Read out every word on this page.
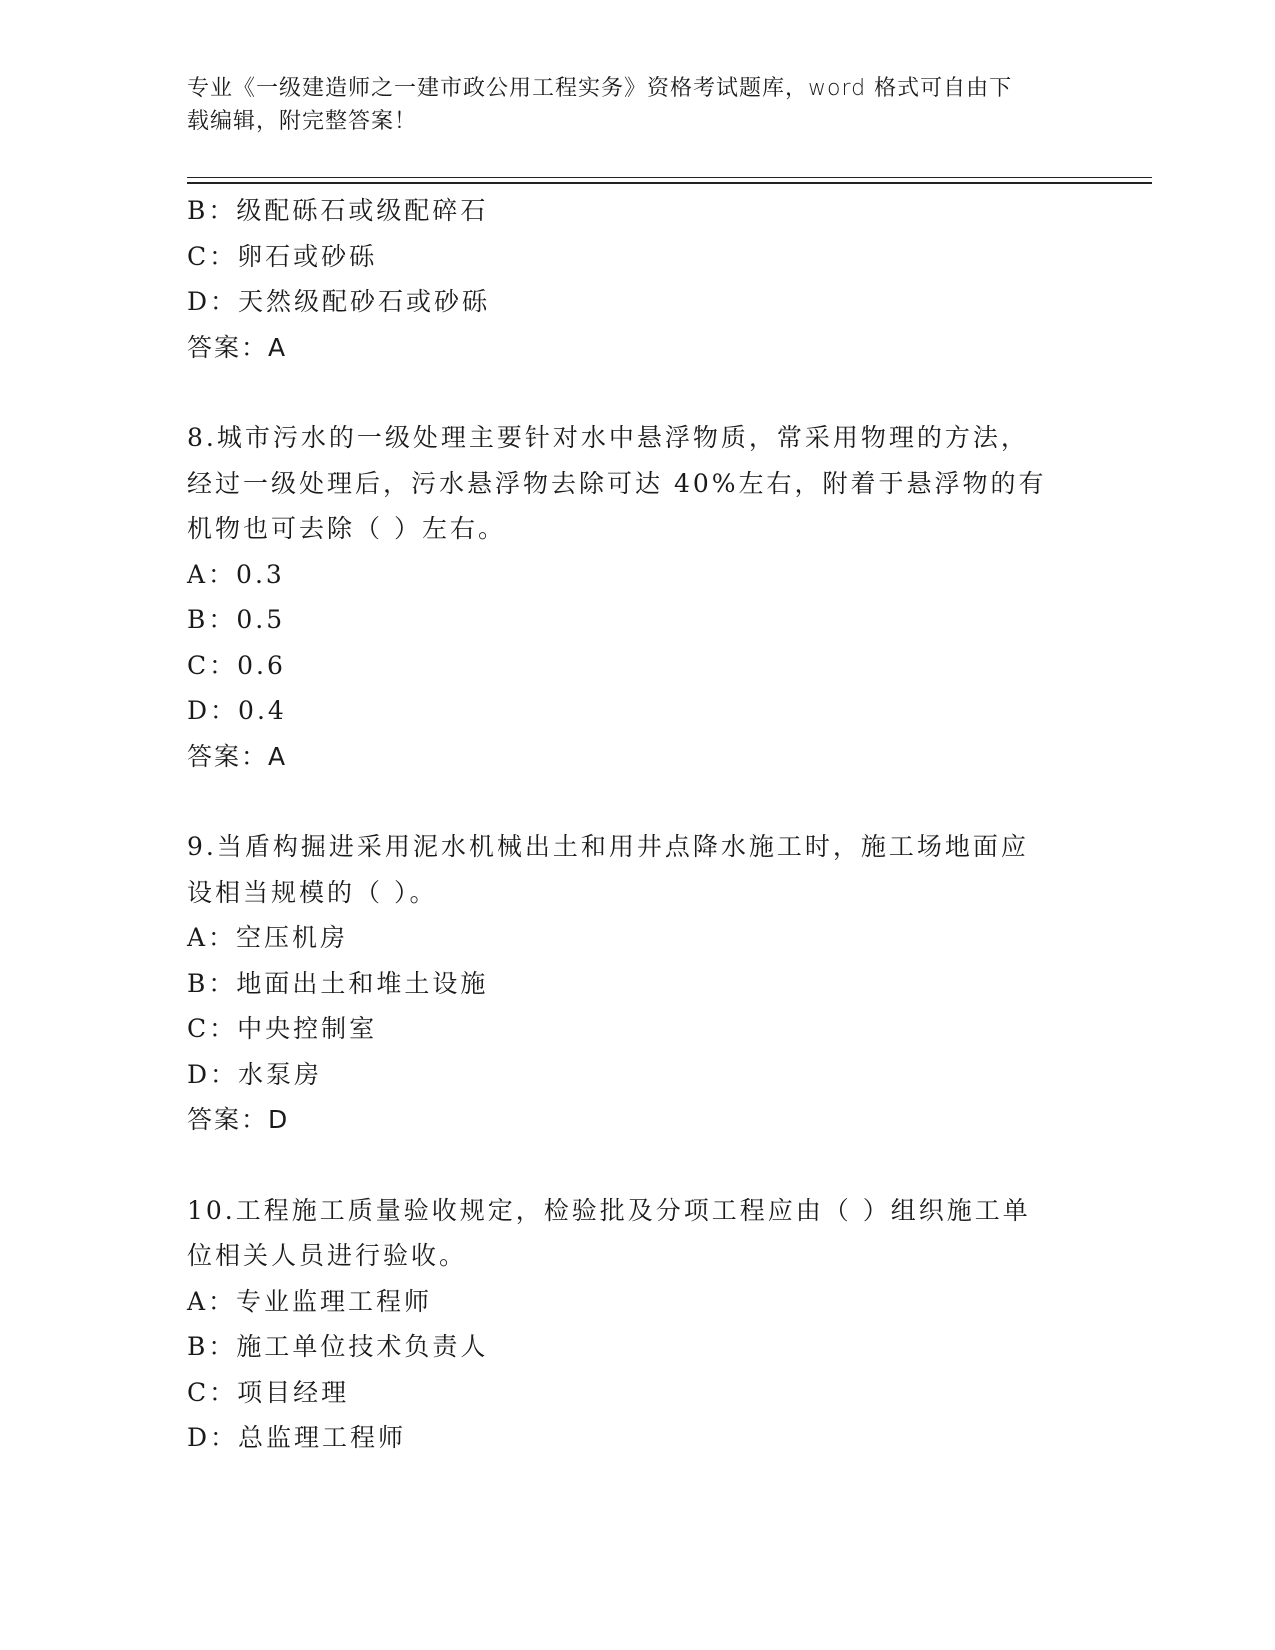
专业《一级建造师之一建市政公用工程实务》资格考试题库，word 格式可自由下
载编辑，附完整答案！
B：级配砾石或级配碎石
C：卵石或砂砾
D：天然级配砂石或砂砾
答案：A
8.城市污水的一级处理主要针对水中悬浮物质，常采用物理的方法，
经过一级处理后，污水悬浮物去除可达 40%左右，附着于悬浮物的有
机物也可去除（ ）左右。
A：0.3
B：0.5
C：0.6
D：0.4
答案：A
9.当盾构掘进采用泥水机械出土和用井点降水施工时，施工场地面应
设相当规模的（ ）。
A：空压机房
B：地面出土和堆土设施
C：中央控制室
D：水泵房
答案：D
10.工程施工质量验收规定，检验批及分项工程应由（ ）组织施工单
位相关人员进行验收。
A：专业监理工程师
B：施工单位技术负责人
C：项目经理
D：总监理工程师
